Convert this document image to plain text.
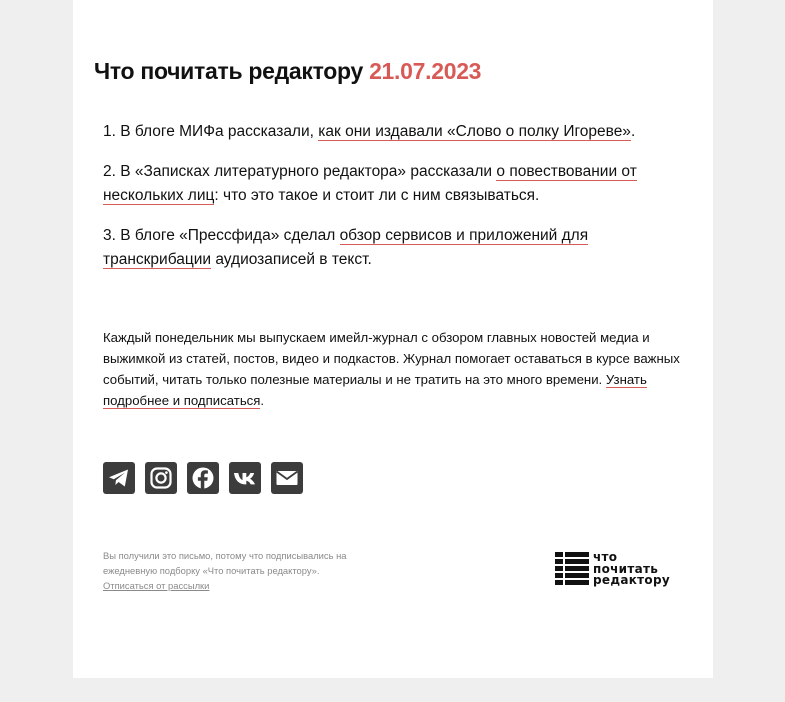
Что почитать редактору 21.07.2023

1. В блоге МИФа рассказали, как они издавали «Слово о полку Игореве».

2. В «Записках литературного редактора» рассказали о повествовании от нескольких лиц: что это такое и стоит ли с ним связываться.

3. В блоге «Прессфида» сделал обзор сервисов и приложений для транскрибации аудиозаписей в текст.

Каждый понедельник мы выпускаем имейл-журнал с обзором главных новостей медиа и выжимкой из статей, постов, видео и подкастов. Журнал помогает оставаться в курсе важных событий, читать только полезные материалы и не тратить на это много времени. Узнать подробнее и подписаться.

Вы получили это письмо, потому что подписывались на ежедневную подборку «Что почитать редактору».
Отписаться от рассылки
что
почитать
редактору
